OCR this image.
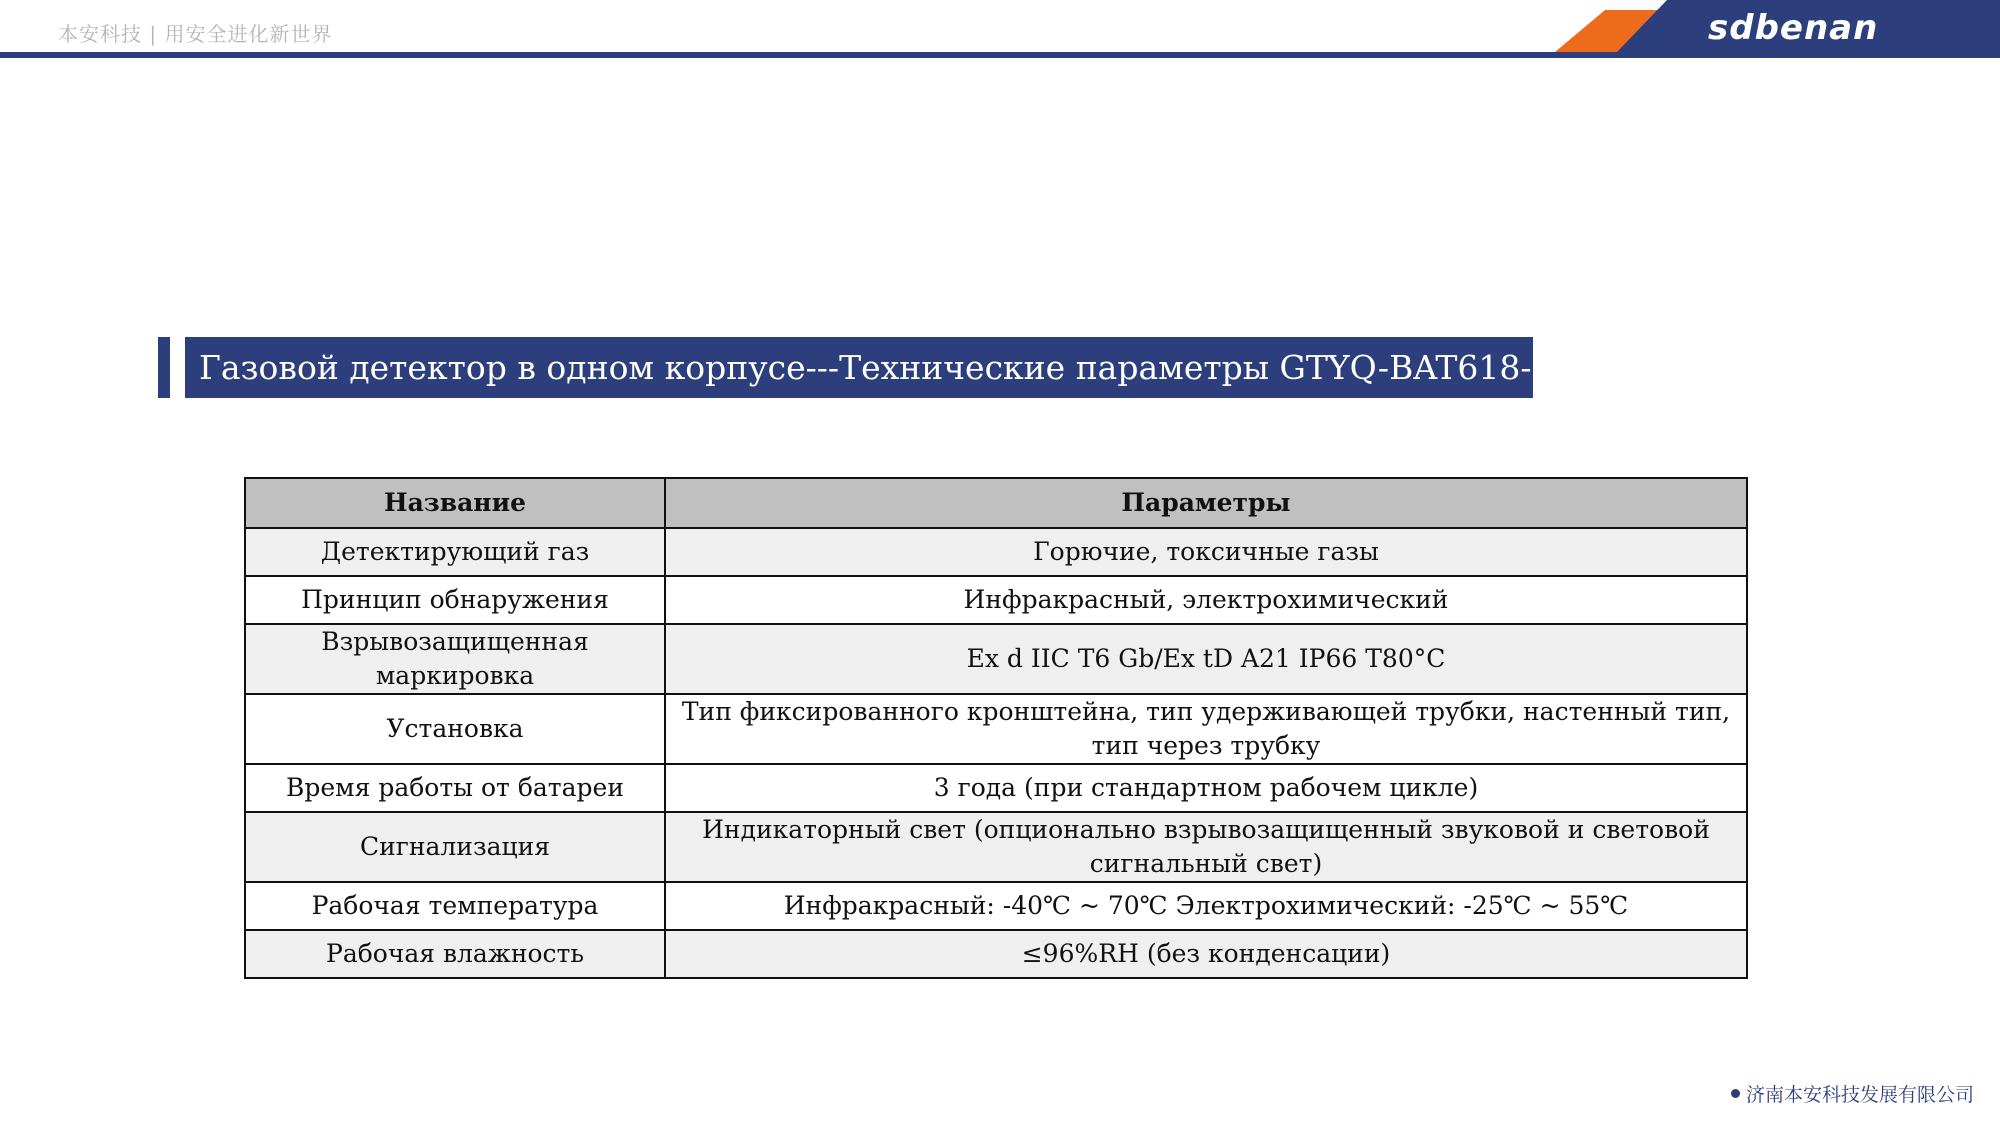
本安科技 | 用安全进化新世界	sdbenan
Газовой детектор в одном корпусе---Технические параметры GTYQ-BAT618-E
Название	Параметры
Детектирующий газ	Горючие, токсичные газы
Принцип обнаружения	Инфракрасный, электрохимический
Взрывозащищенная маркировка	Ex d IIC T6 Gb/Ex tD A21 IP66 T80°C
Установка	Тип фиксированного кронштейна, тип удерживающей трубки, настенный тип, тип через трубку
Время работы от батареи	3 года (при стандартном рабочем цикле)
Сигнализация	Индикаторный свет (опционально взрывозащищенный звуковой и световой сигнальный свет)
Рабочая температура	Инфракрасный: -40℃ ~ 70℃ Электрохимический: -25℃ ~ 55℃
Рабочая влажность	≤96%RH (без конденсации)
济南本安科技发展有限公司
